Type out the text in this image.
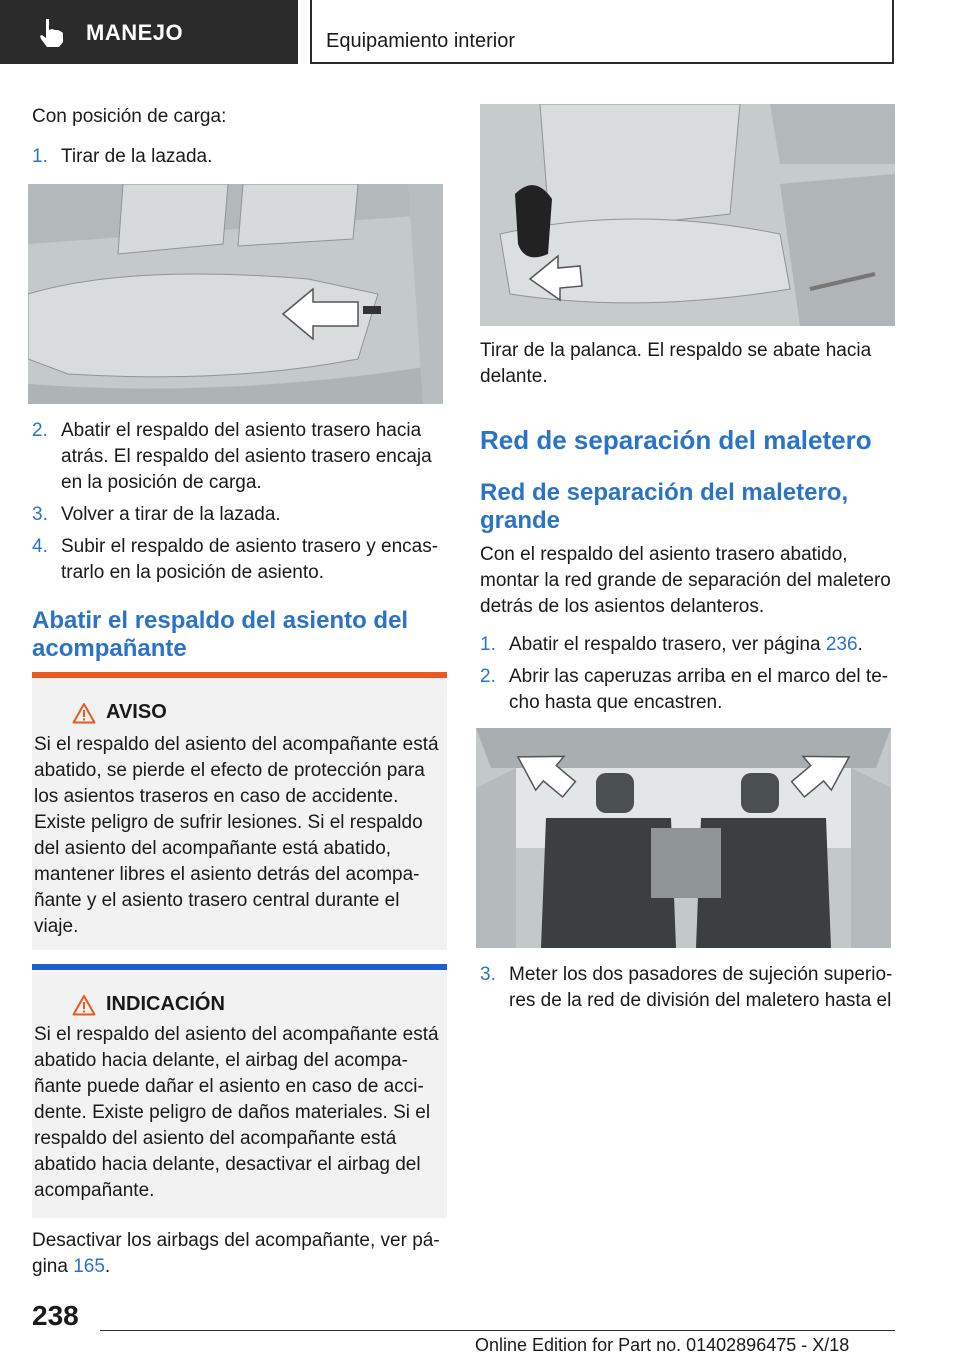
MANEJO	Equipamiento interior
Con posición de carga:
1. Tirar de la lazada.
2. Abatir el respaldo del asiento trasero hacia
atrás. El respaldo del asiento trasero encaja
en la posición de carga.
3. Volver a tirar de la lazada.
4. Subir el respaldo de asiento trasero y encas-
trarlo en la posición de asiento.
Abatir el respaldo del asiento del
acompañante
AVISO
Si el respaldo del asiento del acompañante está
abatido, se pierde el efecto de protección para
los asientos traseros en caso de accidente.
Existe peligro de sufrir lesiones. Si el respaldo
del asiento del acompañante está abatido,
mantener libres el asiento detrás del acompa-
ñante y el asiento trasero central durante el
viaje.
INDICACIÓN
Si el respaldo del asiento del acompañante está
abatido hacia delante, el airbag del acompa-
ñante puede dañar el asiento en caso de acci-
dente. Existe peligro de daños materiales. Si el
respaldo del asiento del acompañante está
abatido hacia delante, desactivar el airbag del
acompañante.
Desactivar los airbags del acompañante, ver pá-
gina 165.
Tirar de la palanca. El respaldo se abate hacia
delante.
Red de separación del maletero
Red de separación del maletero,
grande
Con el respaldo del asiento trasero abatido,
montar la red grande de separación del maletero
detrás de los asientos delanteros.
1. Abatir el respaldo trasero, ver página 236.
2. Abrir las caperuzas arriba en el marco del te-
cho hasta que encastren.
3. Meter los dos pasadores de sujeción superio-
res de la red de división del maletero hasta el
238
Online Edition for Part no. 01402896475 - X/18
